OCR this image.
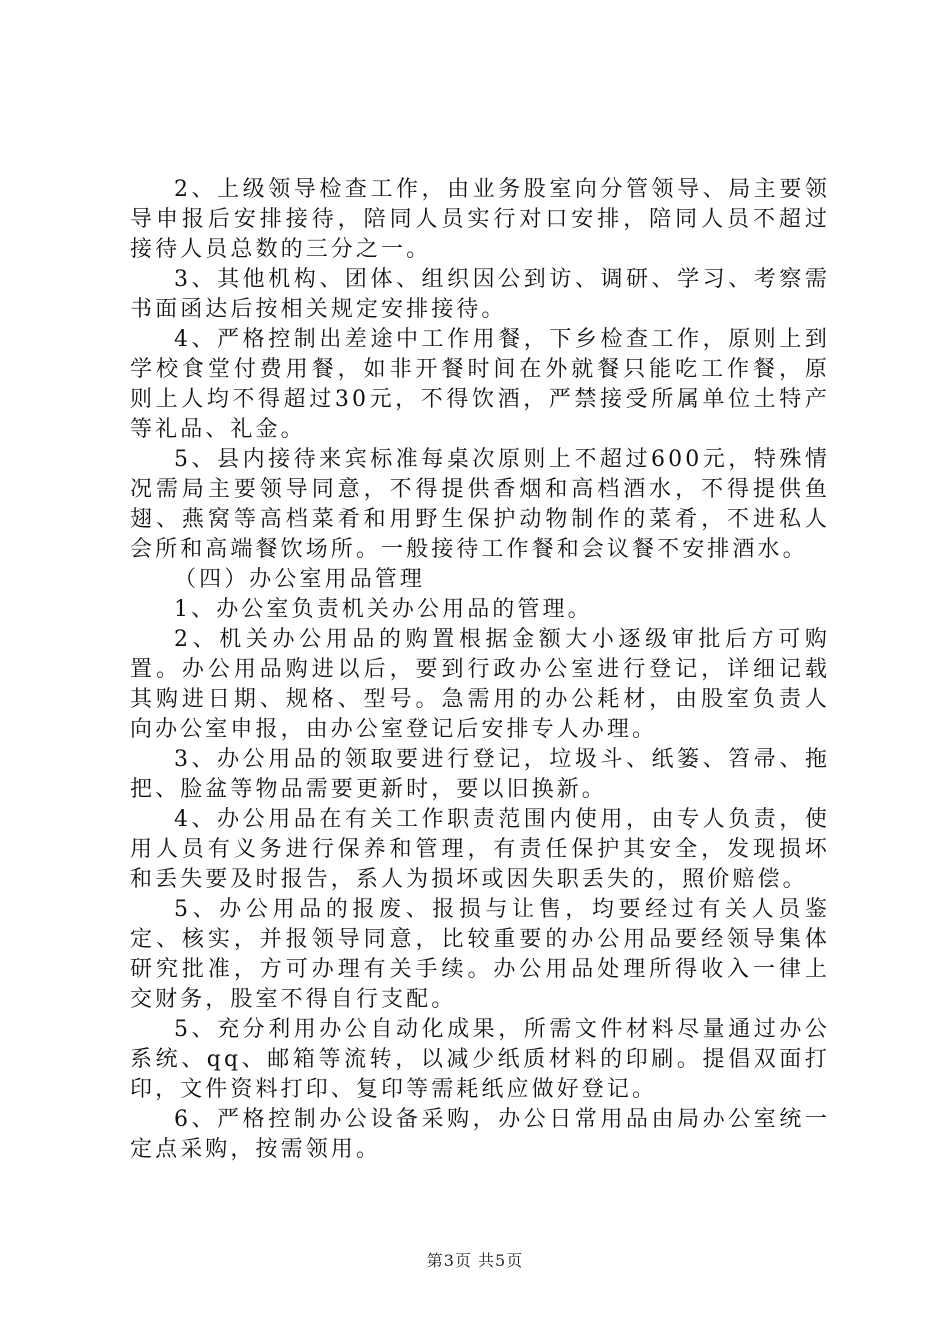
2、上级领导检查工作，由业务股室向分管领导、局主要领导申报后安排接待，陪同人员实行对口安排，陪同人员不超过接待人员总数的三分之一。

3、其他机构、团体、组织因公到访、调研、学习、考察需书面函达后按相关规定安排接待。

4、严格控制出差途中工作用餐，下乡检查工作，原则上到学校食堂付费用餐，如非开餐时间在外就餐只能吃工作餐，原则上人均不得超过30元，不得饮酒，严禁接受所属单位土特产等礼品、礼金。

5、县内接待来宾标准每桌次原则上不超过600元，特殊情况需局主要领导同意，不得提供香烟和高档酒水，不得提供鱼翅、燕窝等高档菜肴和用野生保护动物制作的菜肴，不进私人会所和高端餐饮场所。一般接待工作餐和会议餐不安排酒水。

（四）办公室用品管理

1、办公室负责机关办公用品的管理。

2、机关办公用品的购置根据金额大小逐级审批后方可购置。办公用品购进以后，要到行政办公室进行登记，详细记载其购进日期、规格、型号。急需用的办公耗材，由股室负责人向办公室申报，由办公室登记后安排专人办理。

3、办公用品的领取要进行登记，垃圾斗、纸篓、笤帚、拖把、脸盆等物品需要更新时，要以旧换新。

4、办公用品在有关工作职责范围内使用，由专人负责，使用人员有义务进行保养和管理，有责任保护其安全，发现损坏和丢失要及时报告，系人为损坏或因失职丢失的，照价赔偿。

5、办公用品的报废、报损与让售，均要经过有关人员鉴定、核实，并报领导同意，比较重要的办公用品要经领导集体研究批准，方可办理有关手续。办公用品处理所得收入一律上交财务，股室不得自行支配。

5、充分利用办公自动化成果，所需文件材料尽量通过办公系统、qq、邮箱等流转，以减少纸质材料的印刷。提倡双面打印，文件资料打印、复印等需耗纸应做好登记。

6、严格控制办公设备采购，办公日常用品由局办公室统一定点采购，按需领用。

第3页 共5页
